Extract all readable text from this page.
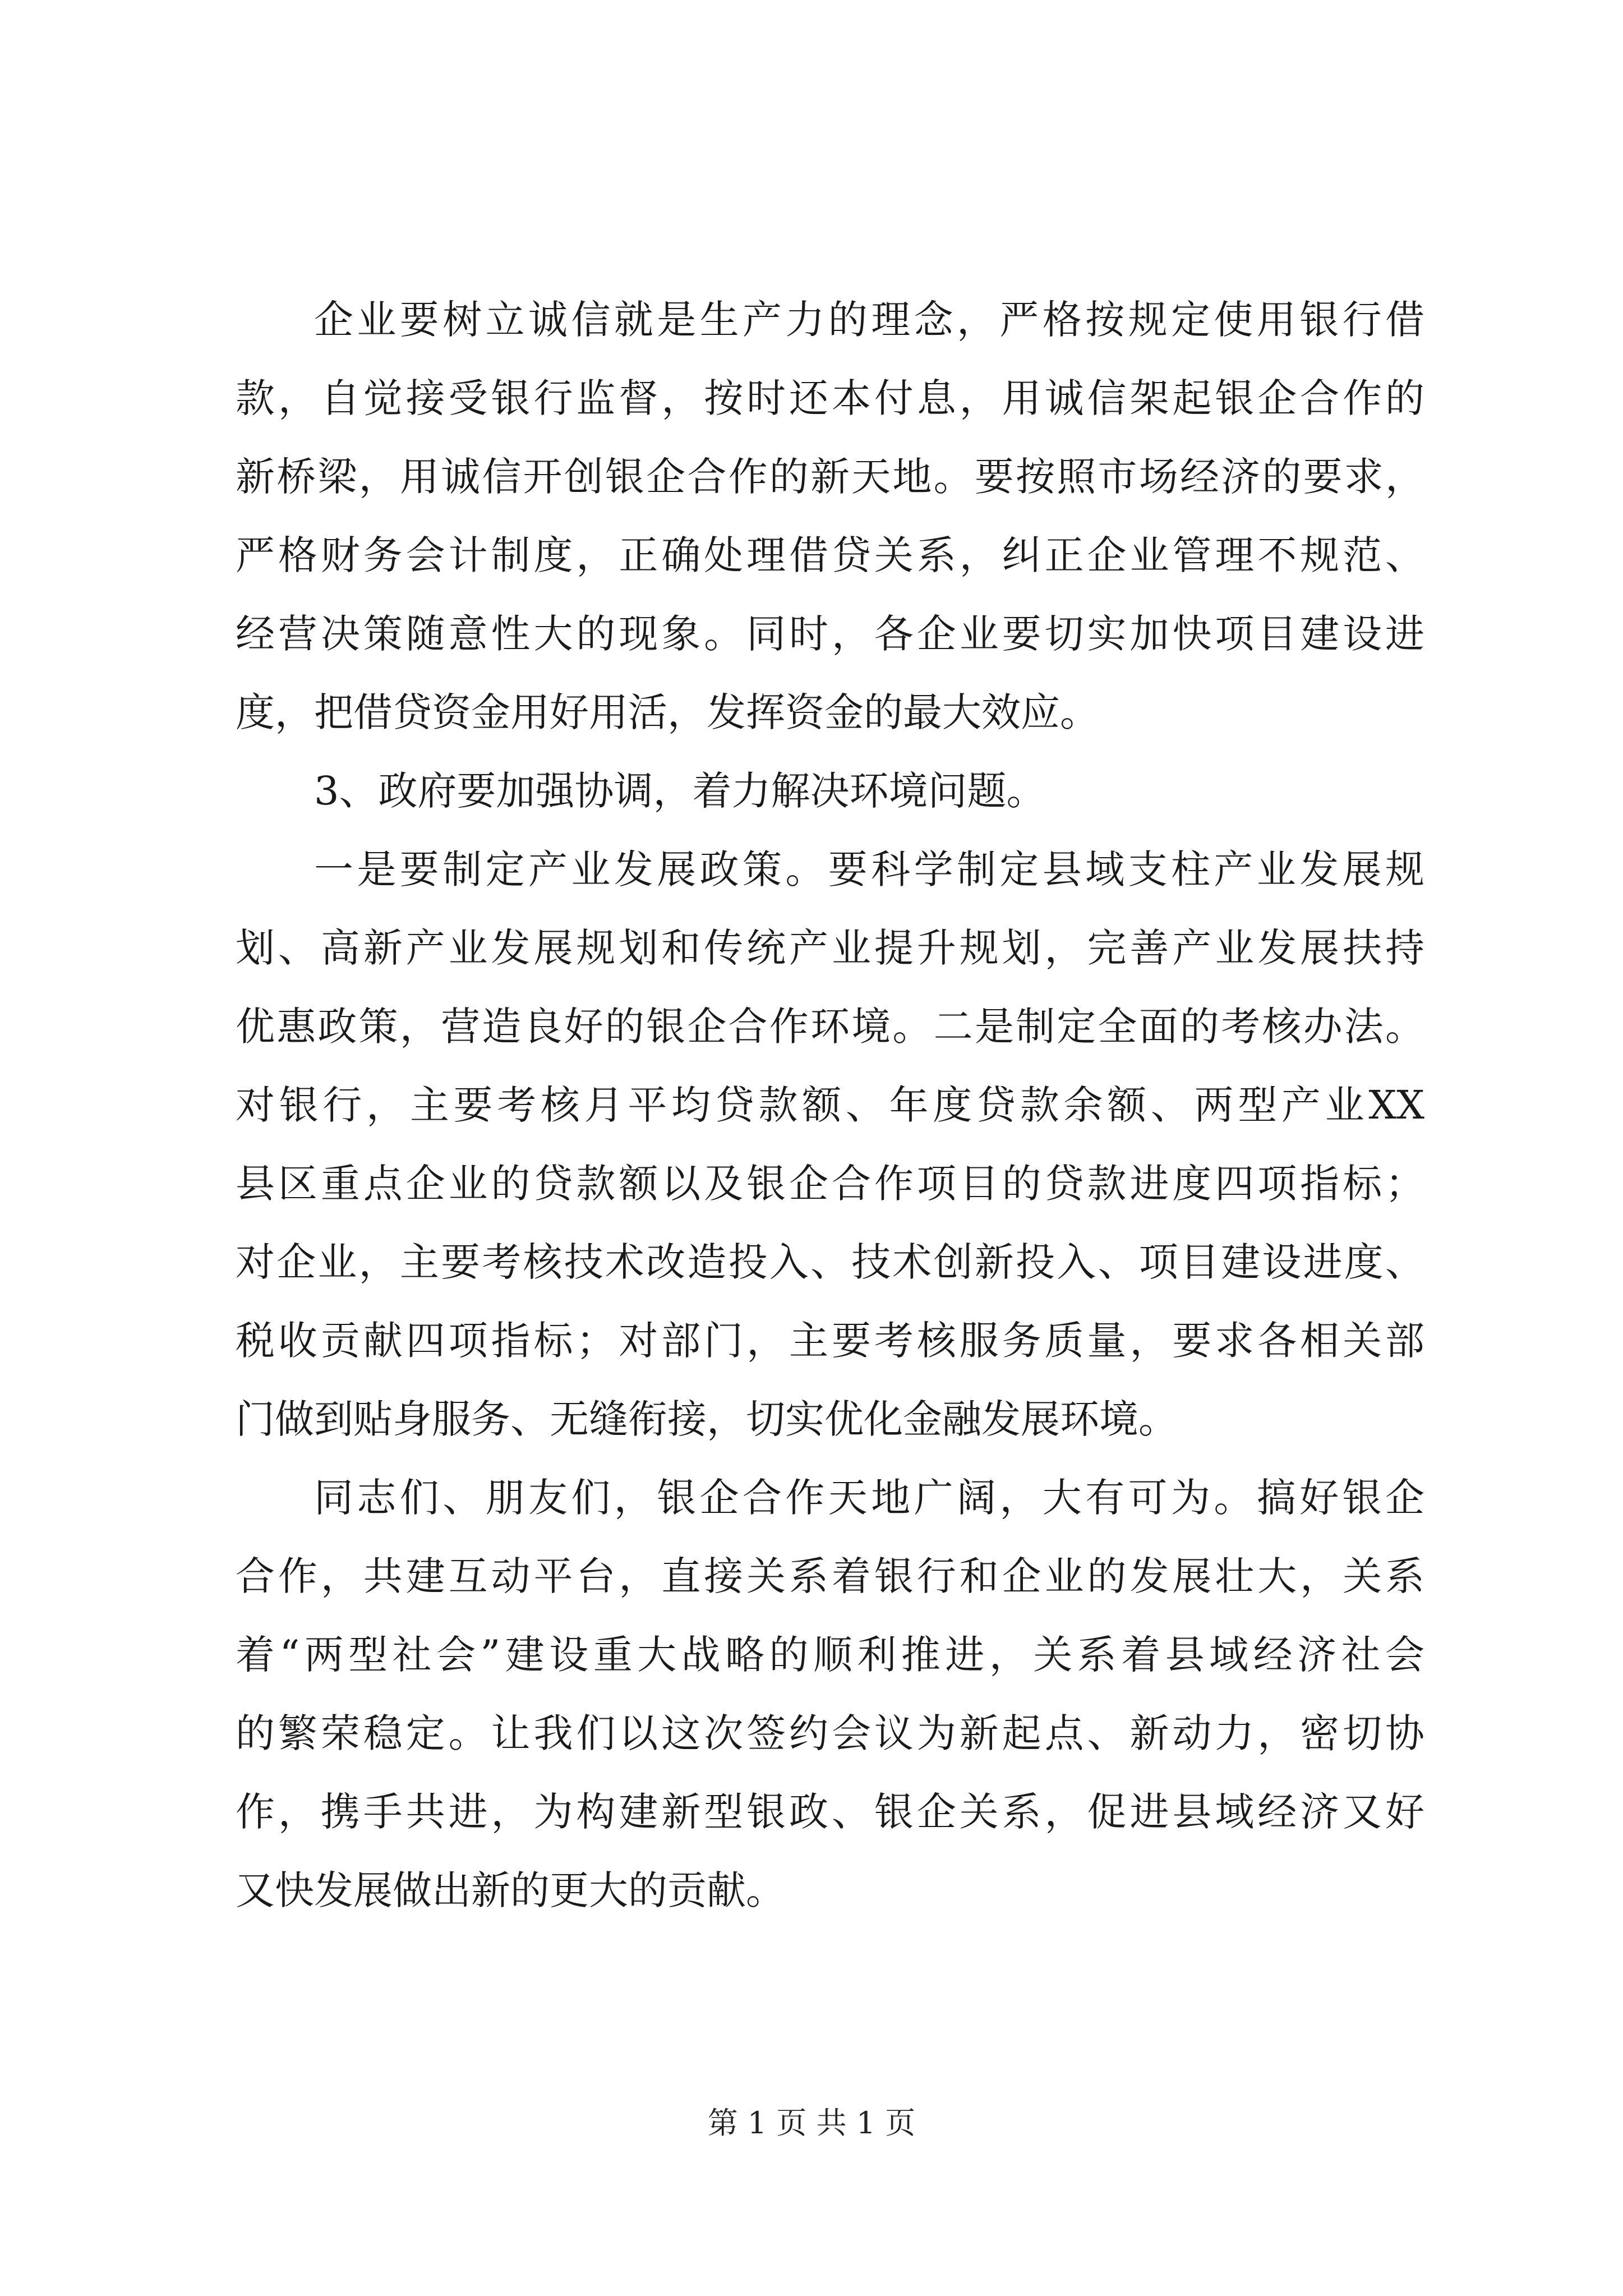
企业要树立诚信就是生产力的理念，严格按规定使用银行借
款，自觉接受银行监督，按时还本付息，用诚信架起银企合作的
新桥梁，用诚信开创银企合作的新天地。要按照市场经济的要求，
严格财务会计制度，正确处理借贷关系，纠正企业管理不规范、
经营决策随意性大的现象。同时，各企业要切实加快项目建设进
度，把借贷资金用好用活，发挥资金的最大效应。
3、政府要加强协调，着力解决环境问题。
一是要制定产业发展政策。要科学制定县域支柱产业发展规
划、高新产业发展规划和传统产业提升规划，完善产业发展扶持
优惠政策，营造良好的银企合作环境。二是制定全面的考核办法。
对银行，主要考核月平均贷款额、年度贷款余额、两型产业XX
县区重点企业的贷款额以及银企合作项目的贷款进度四项指标；
对企业，主要考核技术改造投入、技术创新投入、项目建设进度、
税收贡献四项指标；对部门，主要考核服务质量，要求各相关部
门做到贴身服务、无缝衔接，切实优化金融发展环境。
同志们、朋友们，银企合作天地广阔，大有可为。搞好银企
合作，共建互动平台，直接关系着银行和企业的发展壮大，关系
着“两型社会”建设重大战略的顺利推进，关系着县域经济社会
的繁荣稳定。让我们以这次签约会议为新起点、新动力，密切协
作，携手共进，为构建新型银政、银企关系，促进县域经济又好
又快发展做出新的更大的贡献。
第 1 页 共 1 页
